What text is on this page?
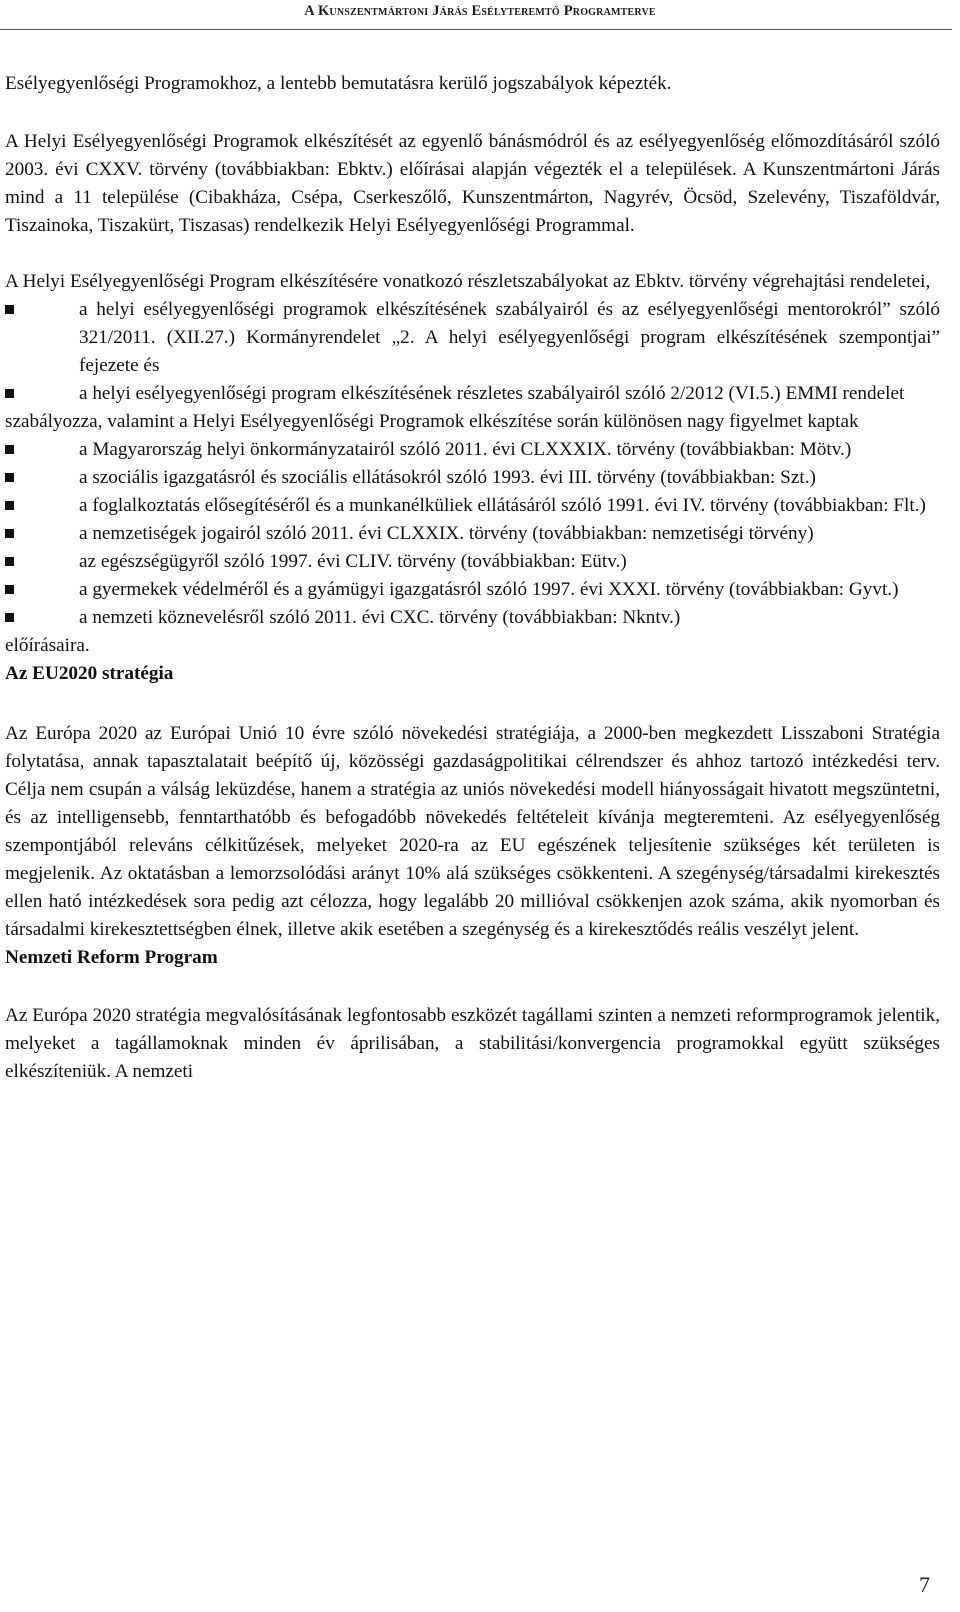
A Kunszentmártoni Járás Esélyteremtő Programterve

Esélyegyenlőségi Programokhoz, a lentebb bemutatásra kerülő jogszabályok képezték.

A Helyi Esélyegyenlőségi Programok elkészítését az egyenlő bánásmódról és az esélyegyenlőség előmozdításáról szóló 2003. évi CXXV. törvény (továbbiakban: Ebktv.) előírásai alapján végezték el a települések. A Kunszentmártoni Járás mind a 11 települése (Cibakháza, Csépa, Cserkeszőlő, Kunszentmárton, Nagyrév, Öcsöd, Szelevény, Tiszaföldvár, Tiszainoka, Tiszakürt, Tiszasas) rendelkezik Helyi Esélyegyenlőségi Programmal.

A Helyi Esélyegyenlőségi Program elkészítésére vonatkozó részletszabályokat az Ebktv. törvény végrehajtási rendeletei,

a helyi esélyegyenlőségi programok elkészítésének szabályairól és az esélyegyenlőségi mentorokról” szóló 321/2011. (XII.27.) Kormányrendelet „2. A helyi esélyegyenlőségi program elkészítésének szempontjai” fejezete és
a helyi esélyegyenlőségi program elkészítésének részletes szabályairól szóló 2/2012 (VI.5.) EMMI rendelet

szabályozza, valamint a Helyi Esélyegyenlőségi Programok elkészítése során különösen nagy figyelmet kaptak

a Magyarország helyi önkormányzatairól szóló 2011. évi CLXXXIX. törvény (továbbiakban: Mötv.)
a szociális igazgatásról és szociális ellátásokról szóló 1993. évi III. törvény (továbbiakban: Szt.)
a foglalkoztatás elősegítéséről és a munkanélküliek ellátásáról szóló 1991. évi IV. törvény (továbbiakban: Flt.)
a nemzetiségek jogairól szóló 2011. évi CLXXIX. törvény (továbbiakban: nemzetiségi törvény)
az egészségügyről szóló 1997. évi CLIV. törvény (továbbiakban: Eütv.)
a gyermekek védelméről és a gyámügyi igazgatásról szóló 1997. évi XXXI. törvény (továbbiakban: Gyvt.)
a nemzeti köznevelésről szóló 2011. évi CXC. törvény (továbbiakban: Nkntv.)

előírásaira.

Az EU2020 stratégia

Az Európa 2020 az Európai Unió 10 évre szóló növekedési stratégiája, a 2000-ben megkezdett Lisszaboni Stratégia folytatása, annak tapasztalatait beépítő új, közösségi gazdaságpolitikai célrendszer és ahhoz tartozó intézkedési terv. Célja nem csupán a válság leküzdése, hanem a stratégia az uniós növekedési modell hiányosságait hivatott megszüntetni, és az intelligensebb, fenntarthatóbb és befogadóbb növekedés feltételeit kívánja megteremteni. Az esélyegyenlőség szempontjából releváns célkitűzések, melyeket 2020-ra az EU egészének teljesítenie szükséges két területen is megjelenik. Az oktatásban a lemorzsolódási arányt 10% alá szükséges csökkenteni. A szegénység/társadalmi kirekesztés ellen ható intézkedések sora pedig azt célozza, hogy legalább 20 millióval csökkenjen azok száma, akik nyomorban és társadalmi kirekesztettségben élnek, illetve akik esetében a szegénység és a kirekesztődés reális veszélyt jelent.

Nemzeti Reform Program

Az Európa 2020 stratégia megvalósításának legfontosabb eszközét tagállami szinten a nemzeti reformprogramok jelentik, melyeket a tagállamoknak minden év áprilisában, a stabilitási/konvergencia programokkal együtt szükséges elkészíteniük. A nemzeti

7
